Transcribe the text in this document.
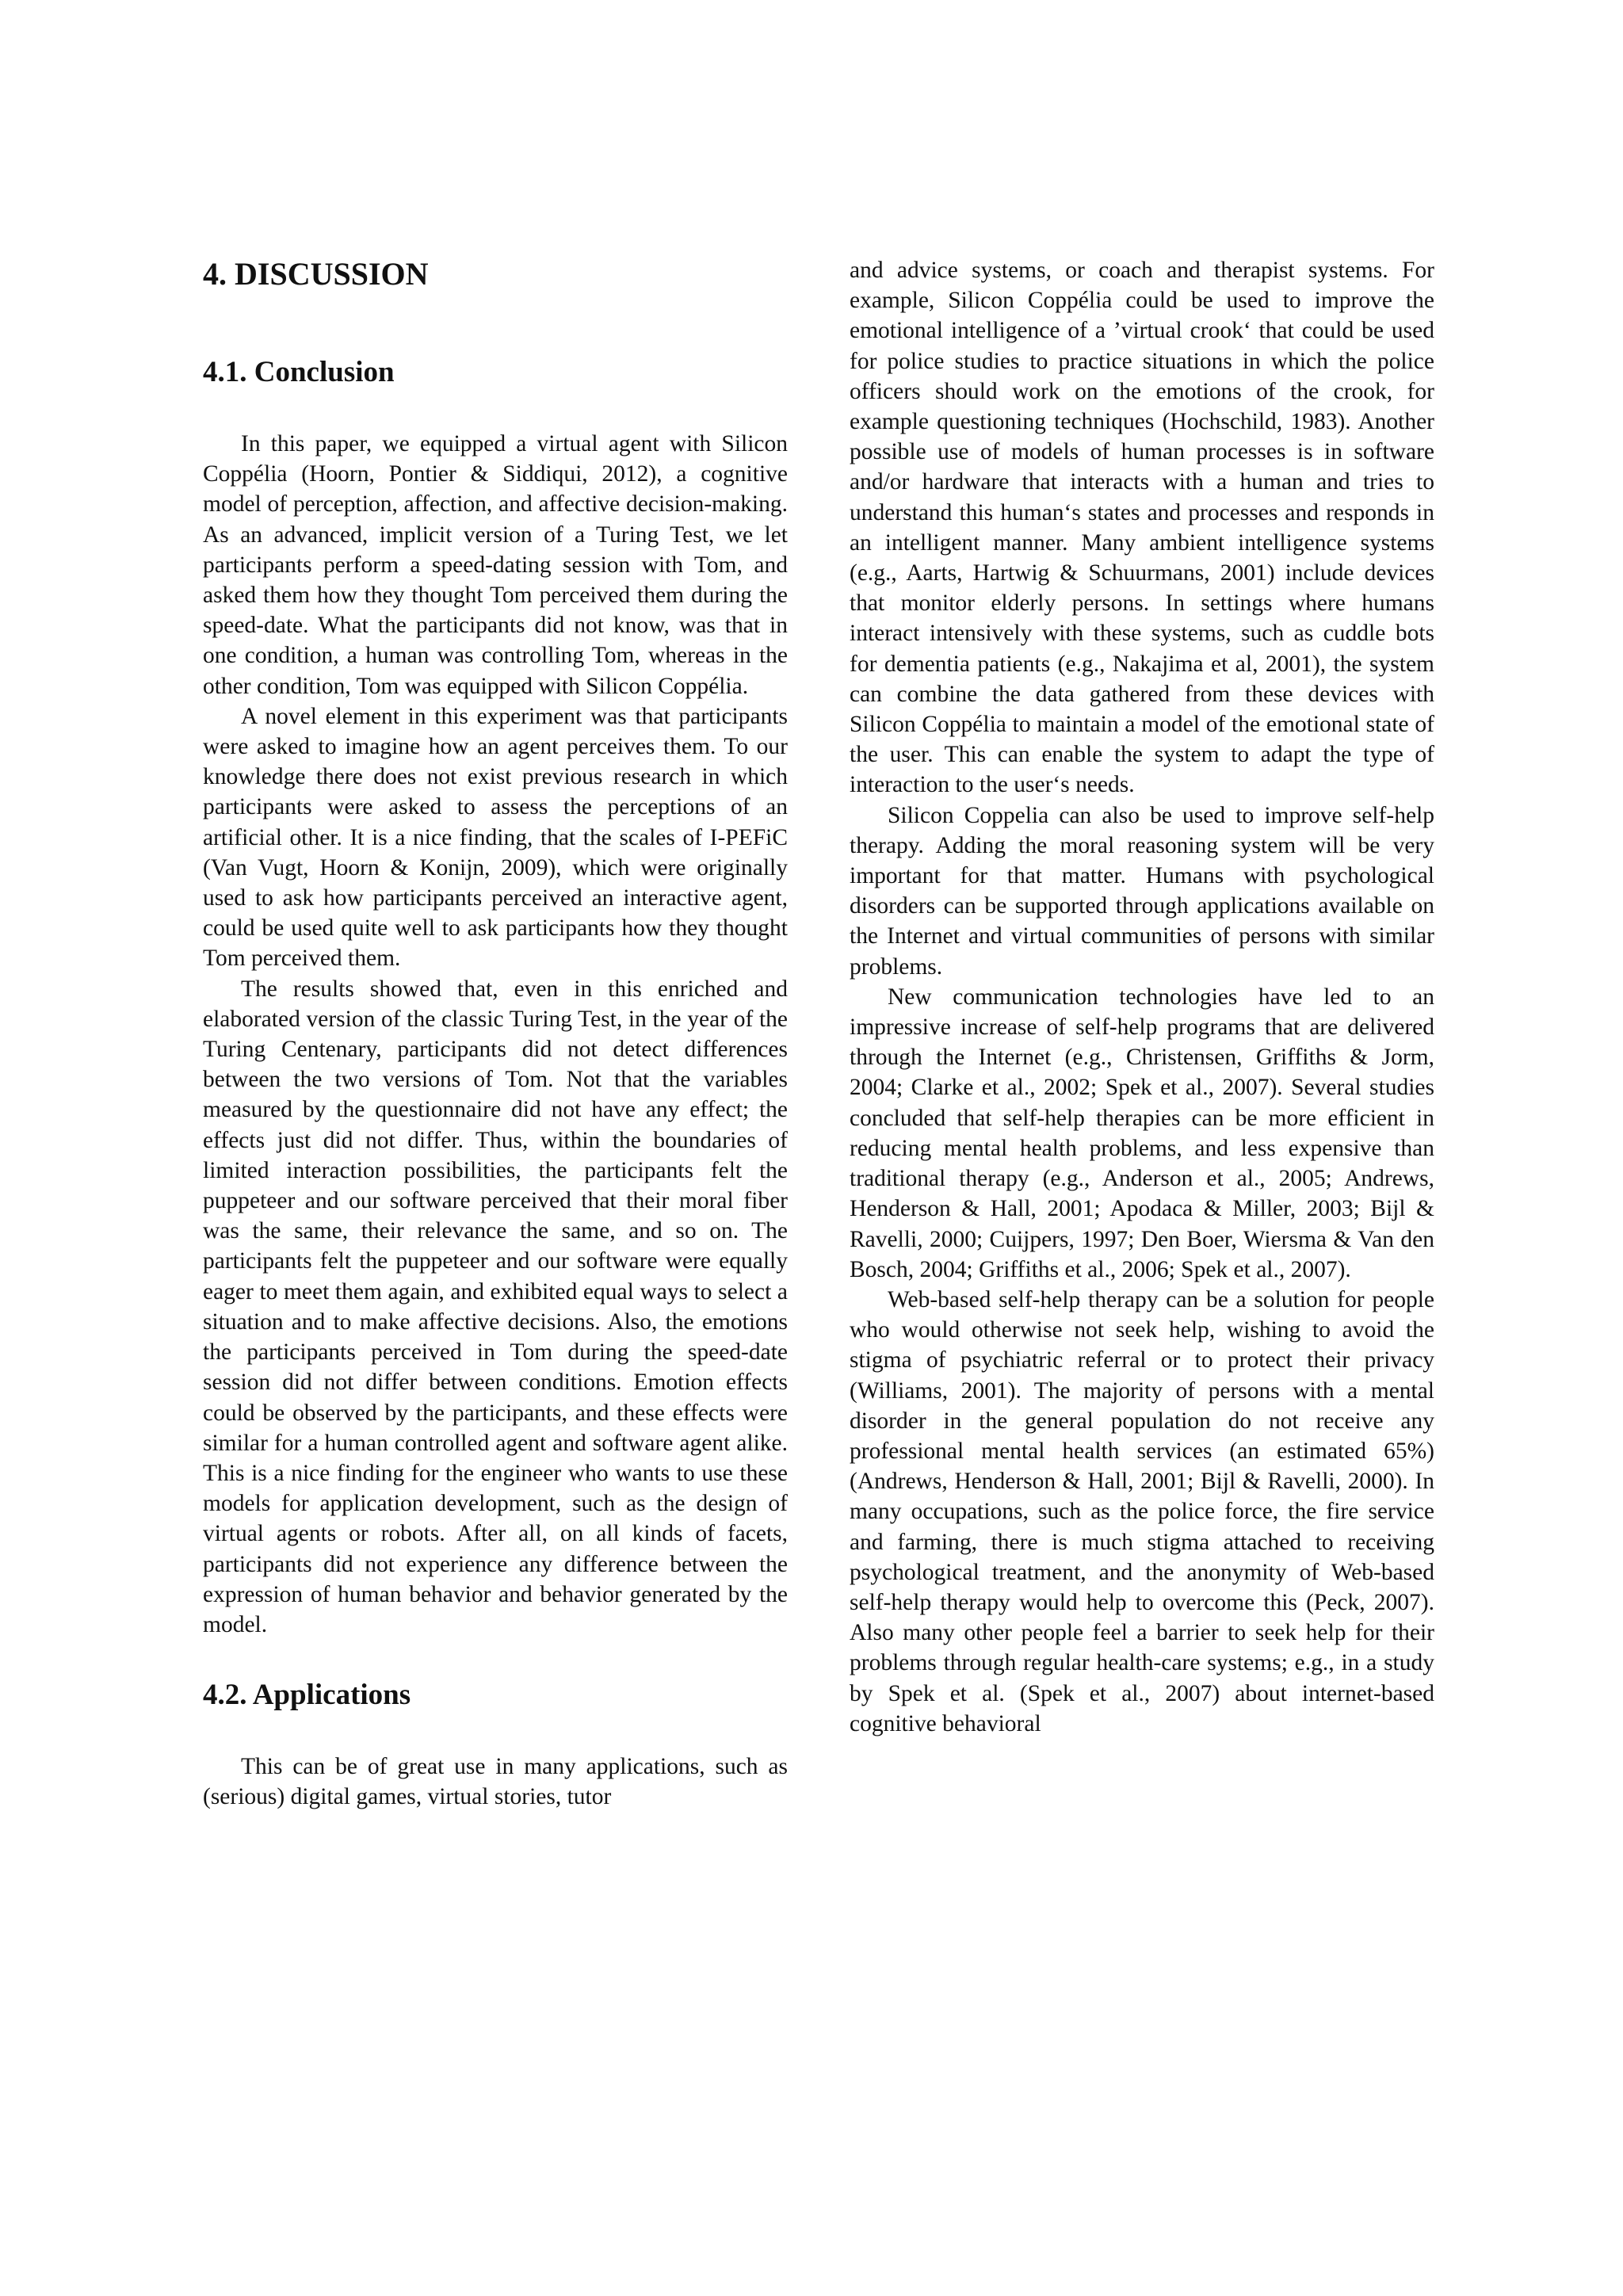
4. DISCUSSION
4.1. Conclusion

In this paper, we equipped a virtual agent with Silicon Coppélia (Hoorn, Pontier & Siddiqui, 2012), a cognitive model of perception, affection, and affective decision-making. As an advanced, implicit version of a Turing Test, we let participants perform a speed-dating session with Tom, and asked them how they thought Tom perceived them during the speed-date. What the participants did not know, was that in one condition, a human was controlling Tom, whereas in the other condition, Tom was equipped with Silicon Coppélia.

A novel element in this experiment was that participants were asked to imagine how an agent perceives them. To our knowledge there does not exist previous research in which participants were asked to assess the perceptions of an artificial other. It is a nice finding, that the scales of I-PEFiC (Van Vugt, Hoorn & Konijn, 2009), which were originally used to ask how participants perceived an interactive agent, could be used quite well to ask participants how they thought Tom perceived them.

The results showed that, even in this enriched and elaborated version of the classic Turing Test, in the year of the Turing Centenary, participants did not detect differences between the two versions of Tom. Not that the variables measured by the questionnaire did not have any effect; the effects just did not differ. Thus, within the boundaries of limited interaction possibilities, the participants felt the puppeteer and our software perceived that their moral fiber was the same, their relevance the same, and so on. The participants felt the puppeteer and our software were equally eager to meet them again, and exhibited equal ways to select a situation and to make affective decisions. Also, the emotions the participants perceived in Tom during the speed-date session did not differ between conditions. Emotion effects could be observed by the participants, and these effects were similar for a human controlled agent and software agent alike. This is a nice finding for the engineer who wants to use these models for application development, such as the design of virtual agents or robots. After all, on all kinds of facets, participants did not experience any difference between the expression of human behavior and behavior generated by the model.

4.2. Applications

This can be of great use in many applications, such as (serious) digital games, virtual stories, tutor

and advice systems, or coach and therapist systems. For example, Silicon Coppélia could be used to improve the emotional intelligence of a ’virtual crook‘ that could be used for police studies to practice situations in which the police officers should work on the emotions of the crook, for example questioning techniques (Hochschild, 1983). Another possible use of models of human processes is in software and/or hardware that interacts with a human and tries to understand this human‘s states and processes and responds in an intelligent manner. Many ambient intelligence systems (e.g., Aarts, Hartwig & Schuurmans, 2001) include devices that monitor elderly persons. In settings where humans interact intensively with these systems, such as cuddle bots for dementia patients (e.g., Nakajima et al, 2001), the system can combine the data gathered from these devices with Silicon Coppélia to maintain a model of the emotional state of the user. This can enable the system to adapt the type of interaction to the user‘s needs.

Silicon Coppelia can also be used to improve self-help therapy. Adding the moral reasoning system will be very important for that matter. Humans with psychological disorders can be supported through applications available on the Internet and virtual communities of persons with similar problems.

New communication technologies have led to an impressive increase of self-help programs that are delivered through the Internet (e.g., Christensen, Griffiths & Jorm, 2004; Clarke et al., 2002; Spek et al., 2007). Several studies concluded that self-help therapies can be more efficient in reducing mental health problems, and less expensive than traditional therapy (e.g., Anderson et al., 2005; Andrews, Henderson & Hall, 2001; Apodaca & Miller, 2003; Bijl & Ravelli, 2000; Cuijpers, 1997; Den Boer, Wiersma & Van den Bosch, 2004; Griffiths et al., 2006; Spek et al., 2007).

Web-based self-help therapy can be a solution for people who would otherwise not seek help, wishing to avoid the stigma of psychiatric referral or to protect their privacy (Williams, 2001). The majority of persons with a mental disorder in the general population do not receive any professional mental health services (an estimated 65%) (Andrews, Henderson & Hall, 2001; Bijl & Ravelli, 2000). In many occupations, such as the police force, the fire service and farming, there is much stigma attached to receiving psychological treatment, and the anonymity of Web-based self-help therapy would help to overcome this (Peck, 2007). Also many other people feel a barrier to seek help for their problems through regular health-care systems; e.g., in a study by Spek et al. (Spek et al., 2007) about internet-based cognitive behavioral
